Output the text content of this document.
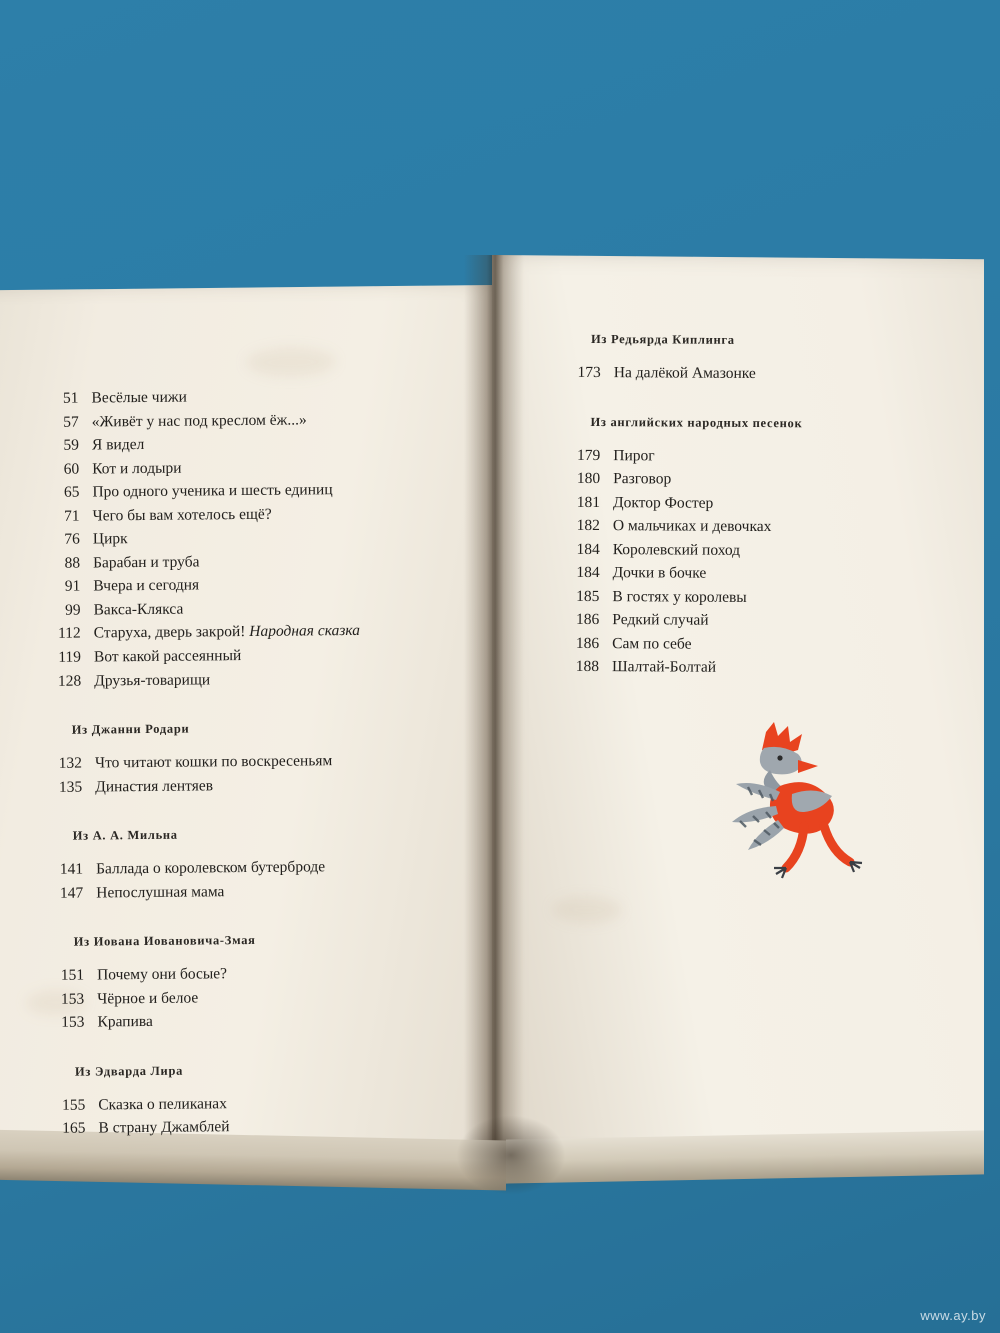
51 Весёлые чижи
57 «Живёт у нас под креслом ёж...»
59 Я видел
60 Кот и лодыри
65 Про одного ученика и шесть единиц
71 Чего бы вам хотелось ещё?
76 Цирк
88 Барабан и труба
91 Вчера и сегодня
99 Вакса-Клякса
112 Старуха, дверь закрой! Народная сказка
119 Вот какой рассеянный
128 Друзья-товарищи
Из Джанни Родари
132 Что читают кошки по воскресеньям
135 Династия лентяев
Из А. А. Мильна
141 Баллада о королевском бутерброде
147 Непослушная мама
Из Иована Иовановича-Змая
151 Почему они босые?
153 Чёрное и белое
153 Крапива
Из Эдварда Лира
155 Сказка о пеликанах
165 В страну Джамблей
Из Редьярда Киплинга
173 На далёкой Амазонке
Из английских народных песенок
179 Пирог
180 Разговор
181 Доктор Фостер
182 О мальчиках и девочках
184 Королевский поход
184 Дочки в бочке
185 В гостях у королевы
186 Редкий случай
186 Сам по себе
188 Шалтай-Болтай
www.ay.by
